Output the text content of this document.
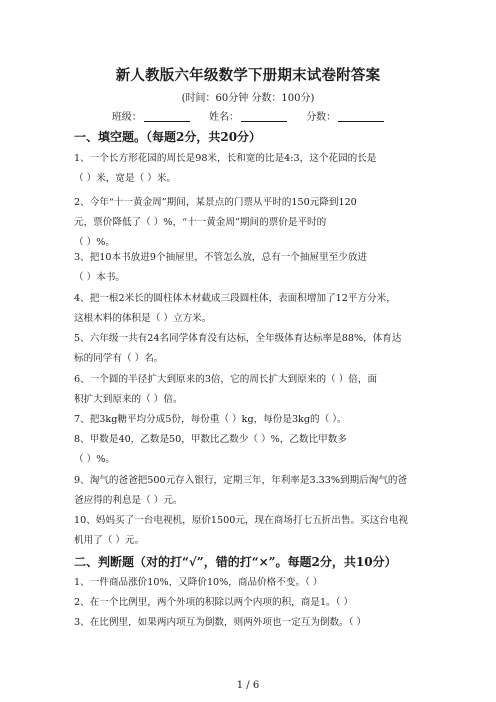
新人教版六年级数学下册期末试卷附答案
(时间：60分钟 分数：100分)
班级：	姓名：	分数：
一、填空题。（每题2分，共20分）
1、一个长方形花园的周长是98米，长和宽的比是4:3，这个花园的长是
（ ）米，宽是（ ）米。
2、今年“十一黄金周”期间，某景点的门票从平时的150元降到120
元，票价降低了（ ）%，“十一黄金周”期间的票价是平时的
（ ）%。
3、把10本书放进9个抽屉里，不管怎么放，总有一个抽屉里至少放进
（ ）本书。
4、把一根2米长的圆柱体木材截成三段圆柱体，表面积增加了12平方分米，
这根木料的体积是（ ）立方米。
5、六年级一共有24名同学体育没有达标，全年级体育达标率是88%，体育达
标的同学有（ ）名。
6、一个圆的半径扩大到原来的3倍，它的周长扩大到原来的（ ）倍，面
积扩大到原来的（ ）倍。
7、把3kg糖平均分成5份，每份重（ ）kg，每份是3kg的（ ）。
8、甲数是40，乙数是50，甲数比乙数少（ ）%，乙数比甲数多
（ ）%。
9、淘气的爸爸把500元存入银行，定期三年，年利率是3.33%到期后淘气的爸
爸应得的利息是（ ）元。
10、妈妈买了一台电视机，原价1500元，现在商场打七五折出售。买这台电视
机用了（ ）元。
二、判断题（对的打“√”，错的打“×”。每题2分，共10分）
1、一件商品涨价10%，又降价10%，商品价格不变。（ ）
2、在一个比例里，两个外项的积除以两个内项的积，商是1。（ ）
3、在比例里，如果两内项互为倒数，则两外项也一定互为倒数。（ ）
1 / 6
